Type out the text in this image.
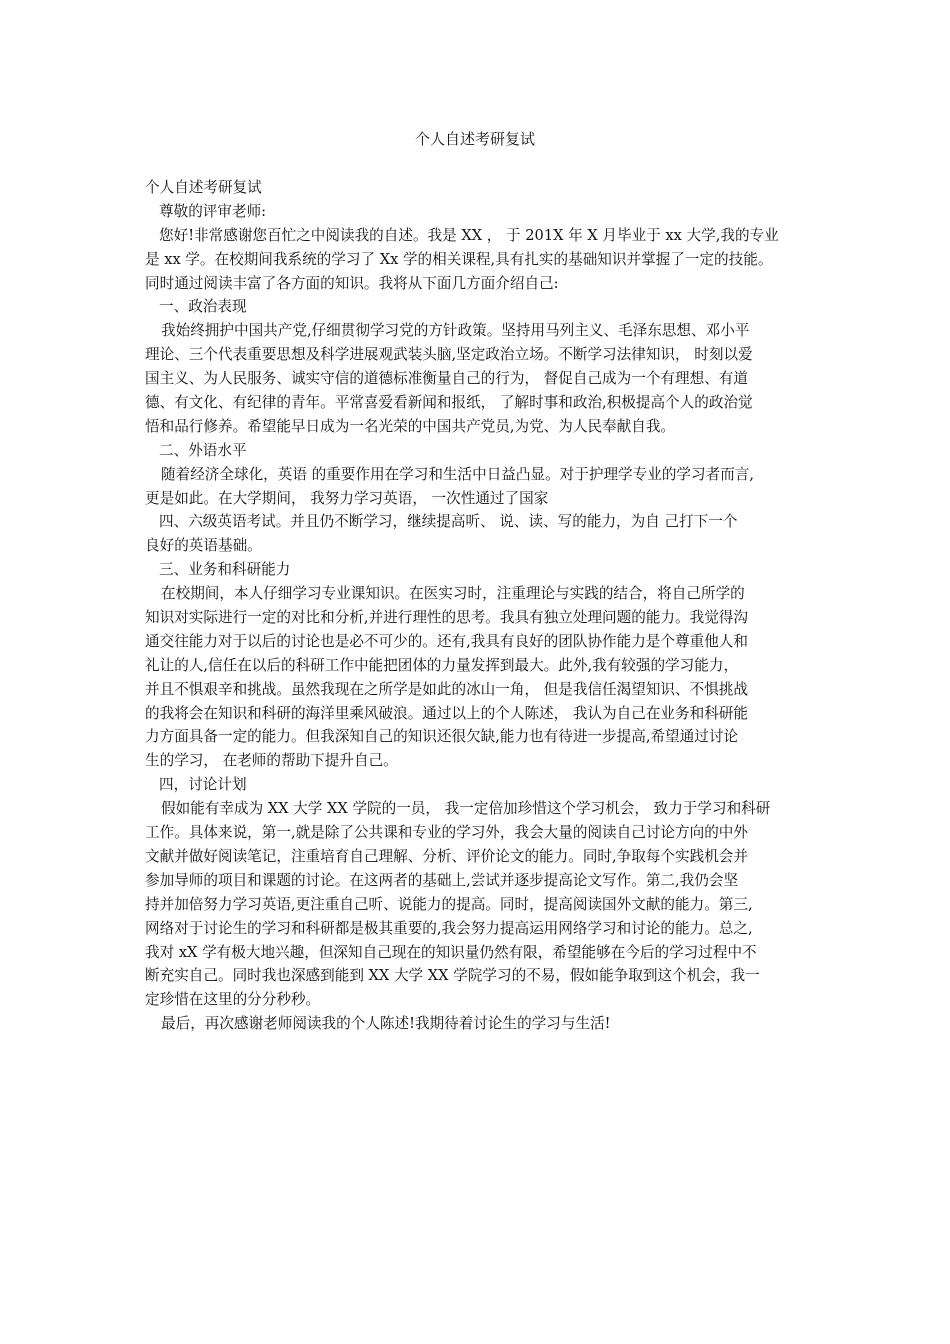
个人自述考研复试
个人自述考研复试
尊敬的评审老师:
您好!非常感谢您百忙之中阅读我的自述。我是 XX ， 于 201X 年 X 月毕业于 xx 大学,我的专业
是 xx 学。在校期间我系统的学习了 Xx 学的相关课程,具有扎实的基础知识并掌握了一定的技能。
同时通过阅读丰富了各方面的知识。我将从下面几方面介绍自己:
一、政治表现
我始终拥护中国共产党,仔细贯彻学习党的方针政策。坚持用马列主义、毛泽东思想、邓小平
理论、三个代表重要思想及科学进展观武装头脑,坚定政治立场。不断学习法律知识， 时刻以爱
国主义、为人民服务、诚实守信的道德标准衡量自己的行为， 督促自己成为一个有理想、有道
德、有文化、有纪律的青年。平常喜爱看新闻和报纸， 了解时事和政治,积极提高个人的政治觉
悟和品行修养。希望能早日成为一名光荣的中国共产党员,为党、为人民奉献自我。
二、外语水平
随着经济全球化，英语 的重要作用在学习和生活中日益凸显。对于护理学专业的学习者而言,
更是如此。在大学期间， 我努力学习英语， 一次性通过了国家
四、六级英语考试。并且仍不断学习，继续提高听、 说、读、写的能力，为自 己打下一个
良好的英语基础。
三、业务和科研能力
在校期间，本人仔细学习专业课知识。在医实习时，注重理论与实践的结合，将自己所学的
知识对实际进行一定的对比和分析,并进行理性的思考。我具有独立处理问题的能力。我觉得沟
通交往能力对于以后的讨论也是必不可少的。还有,我具有良好的团队协作能力是个尊重他人和
礼让的人,信任在以后的科研工作中能把团体的力量发挥到最大。此外,我有较强的学习能力，
并且不惧艰辛和挑战。虽然我现在之所学是如此的冰山一角， 但是我信任渴望知识、不惧挑战
的我将会在知识和科研的海洋里乘风破浪。通过以上的个人陈述， 我认为自己在业务和科研能
力方面具备一定的能力。但我深知自己的知识还很欠缺,能力也有待进一步提高,希望通过讨论
生的学习， 在老师的帮助下提升自己。
四，讨论计划
假如能有幸成为 XX 大学 XX 学院的一员， 我一定倍加珍惜这个学习机会， 致力于学习和科研
工作。具体来说，第一,就是除了公共课和专业的学习外，我会大量的阅读自己讨论方向的中外
文献并做好阅读笔记，注重培育自己理解、分析、评价论文的能力。同时,争取每个实践机会并
参加导师的项目和课题的讨论。在这两者的基础上,尝试并逐步提高论文写作。第二,我仍会坚
持并加倍努力学习英语,更注重自己听、说能力的提高。同时，提高阅读国外文献的能力。第三,
网络对于讨论生的学习和科研都是极其重要的,我会努力提高运用网络学习和讨论的能力。总之,
我对 xX 学有极大地兴趣，但深知自己现在的知识量仍然有限，希望能够在今后的学习过程中不
断充实自己。同时我也深感到能到 XX 大学 XX 学院学习的不易，假如能争取到这个机会，我一
定珍惜在这里的分分秒秒。
最后，再次感谢老师阅读我的个人陈述!我期待着讨论生的学习与生活!
